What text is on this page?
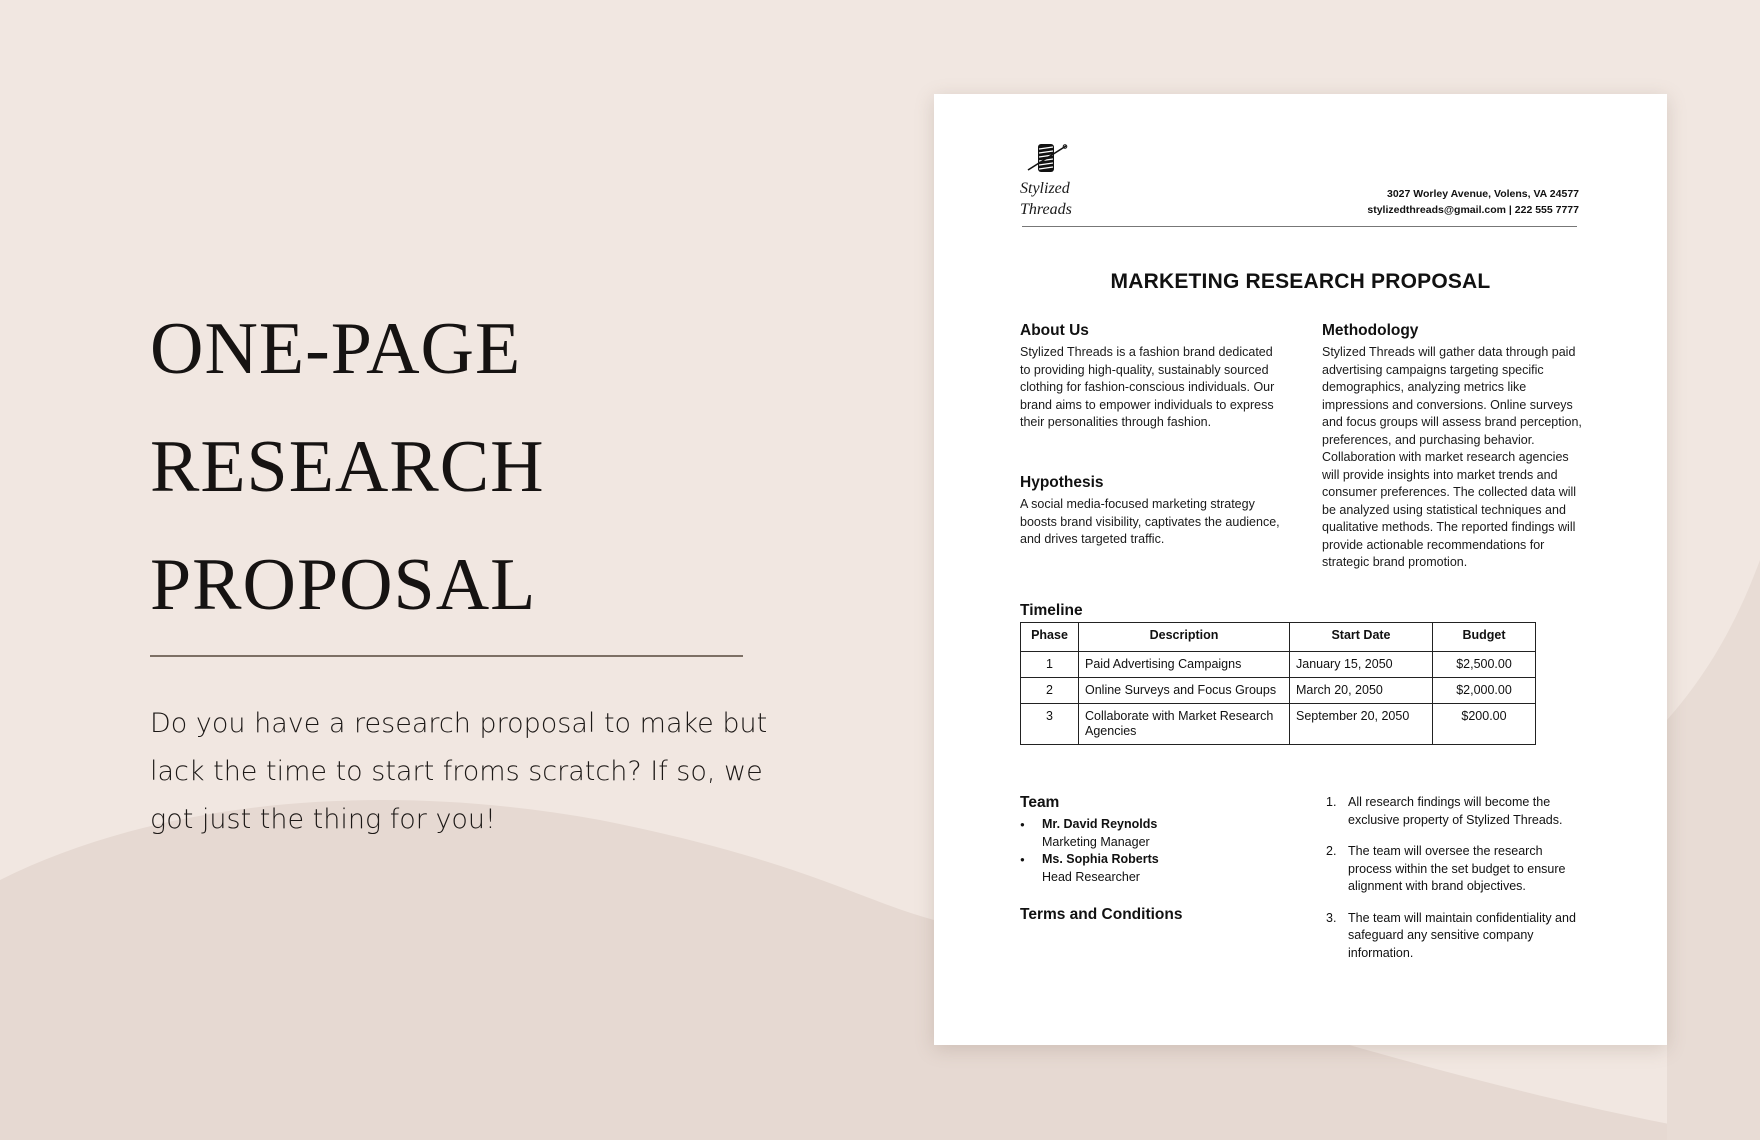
ONE-PAGE
RESEARCH
PROPOSAL

Do you have a research proposal to make but lack the time to start froms scratch? If so, we got just the thing for you!

Stylized
Threads
3027 Worley Avenue, Volens, VA 24577
stylizedthreads@gmail.com | 222 555 7777
MARKETING RESEARCH PROPOSAL
About Us

Stylized Threads is a fashion brand dedicated to providing high-quality, sustainably sourced clothing for fashion-conscious individuals. Our brand aims to empower individuals to express their personalities through fashion.

Hypothesis

A social media-focused marketing strategy boosts brand visibility, captivates the audience, and drives targeted traffic.

Methodology

Stylized Threads will gather data through paid advertising campaigns targeting specific demographics, analyzing metrics like impressions and conversions. Online surveys and focus groups will assess brand perception, preferences, and purchasing behavior. Collaboration with market research agencies will provide insights into market trends and consumer preferences. The collected data will be analyzed using statistical techniques and qualitative methods. The reported findings will provide actionable recommendations for strategic brand promotion.

Timeline
Phase	Description	Start Date	Budget
1	Paid Advertising Campaigns	January 15, 2050	$2,500.00
2	Online Surveys and Focus Groups	March 20, 2050	$2,000.00
3	Collaborate with Market Research Agencies	September 20, 2050	$200.00
Team
● Mr. David Reynolds
Marketing Manager
● Ms. Sophia Roberts
Head Researcher
Terms and Conditions
1. All research findings will become the exclusive property of Stylized Threads.
2. The team will oversee the research process within the set budget to ensure alignment with brand objectives.
3. The team will maintain confidentiality and safeguard any sensitive company information.
